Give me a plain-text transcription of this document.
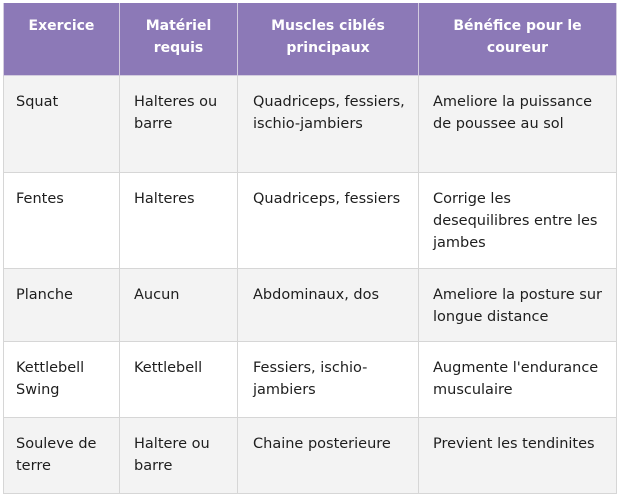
Exercice	Matériel requis	Muscles ciblés principaux	Bénéfice pour le coureur
Squat	Halteres ou barre	Quadriceps, fessiers, ischio-jambiers	Ameliore la puissance de poussee au sol
Fentes	Halteres	Quadriceps, fessiers	Corrige les desequilibres entre les jambes
Planche	Aucun	Abdominaux, dos	Ameliore la posture sur longue distance
Kettlebell Swing	Kettlebell	Fessiers, ischio-jambiers	Augmente l'endurance musculaire
Souleve de terre	Haltere ou barre	Chaine posterieure	Previent les tendinites
